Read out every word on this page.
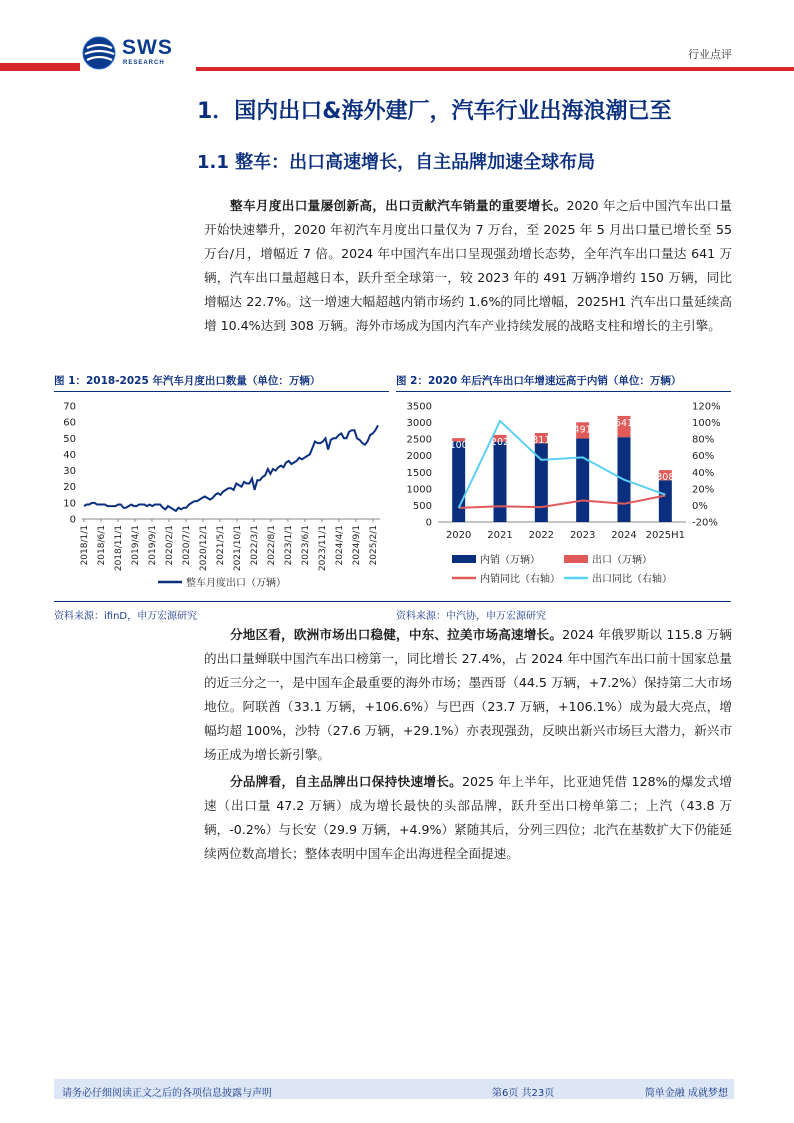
SWS
RESEARCH
行业点评
1．国内出口&海外建厂，汽车行业出海浪潮已至
1.1 整车：出口高速增长，自主品牌加速全球布局

整车月度出口量屡创新高，出口贡献汽车销量的重要增长。2020 年之后中国汽车出口量开始快速攀升，2020 年初汽车月度出口量仅为 7 万台，至 2025 年 5 月出口量已增长至 55 万台/月，增幅近 7 倍。2024 年中国汽车出口呈现强劲增长态势，全年汽车出口量达 641 万辆，汽车出口量超越日本，跃升至全球第一，较 2023 年的 491 万辆净增约 150 万辆，同比增幅达 22.7%。这一增速大幅超越内销市场约 1.6%的同比增幅，2025H1 汽车出口量延续高增 10.4%达到 308 万辆。海外市场成为国内汽车产业持续发展的战略支柱和增长的主引擎。

图 1：2018-2025 年汽车月度出口数量（单位：万辆）	图 2：2020 年后汽车出口年增速远高于内销（单位：万辆）
0
10
20
30
40
50
60
70
2018/1/1 2018/6/1 2018/11/1 2019/4/1 2019/9/1 2020/2/1 2020/7/1 2020/12/1 2021/5/1 2021/10/1 2022/3/1 2022/8/1 2023/1/1 2023/6/1 2023/11/1 2024/4/1 2024/9/1 2025/2/1
整车月度出口（万辆）
0
500
1000
1500
2000
2500
3000
3500
-20%
0%
20%
40%
60%
80%
100%
120%
100
2020
202
2021
311
2022
491
2023
641
2024
308
2025H1
内销（万辆）	出口（万辆）
内销同比（右轴）	出口同比（右轴）
资料来源：ifinD，申万宏源研究	资料来源：中汽协，申万宏源研究

分地区看，欧洲市场出口稳健，中东、拉美市场高速增长。2024 年俄罗斯以 115.8 万辆的出口量蝉联中国汽车出口榜第一，同比增长 27.4%，占 2024 年中国汽车出口前十国家总量的近三分之一，是中国车企最重要的海外市场；墨西哥（44.5 万辆，+7.2%）保持第二大市场地位。阿联酋（33.1 万辆，+106.6%）与巴西（23.7 万辆，+106.1%）成为最大亮点，增幅均超 100%，沙特（27.6 万辆，+29.1%）亦表现强劲，反映出新兴市场巨大潜力，新兴市场正成为增长新引擎。

分品牌看，自主品牌出口保持快速增长。2025 年上半年，比亚迪凭借 128%的爆发式增速（出口量 47.2 万辆）成为增长最快的头部品牌，跃升至出口榜单第二；上汽（43.8 万辆，-0.2%）与长安（29.9 万辆，+4.9%）紧随其后，分列三四位；北汽在基数扩大下仍能延续两位数高增长；整体表明中国车企出海进程全面提速。

请务必仔细阅读正文之后的各项信息披露与声明	第6页 共23页	简单金融 成就梦想
